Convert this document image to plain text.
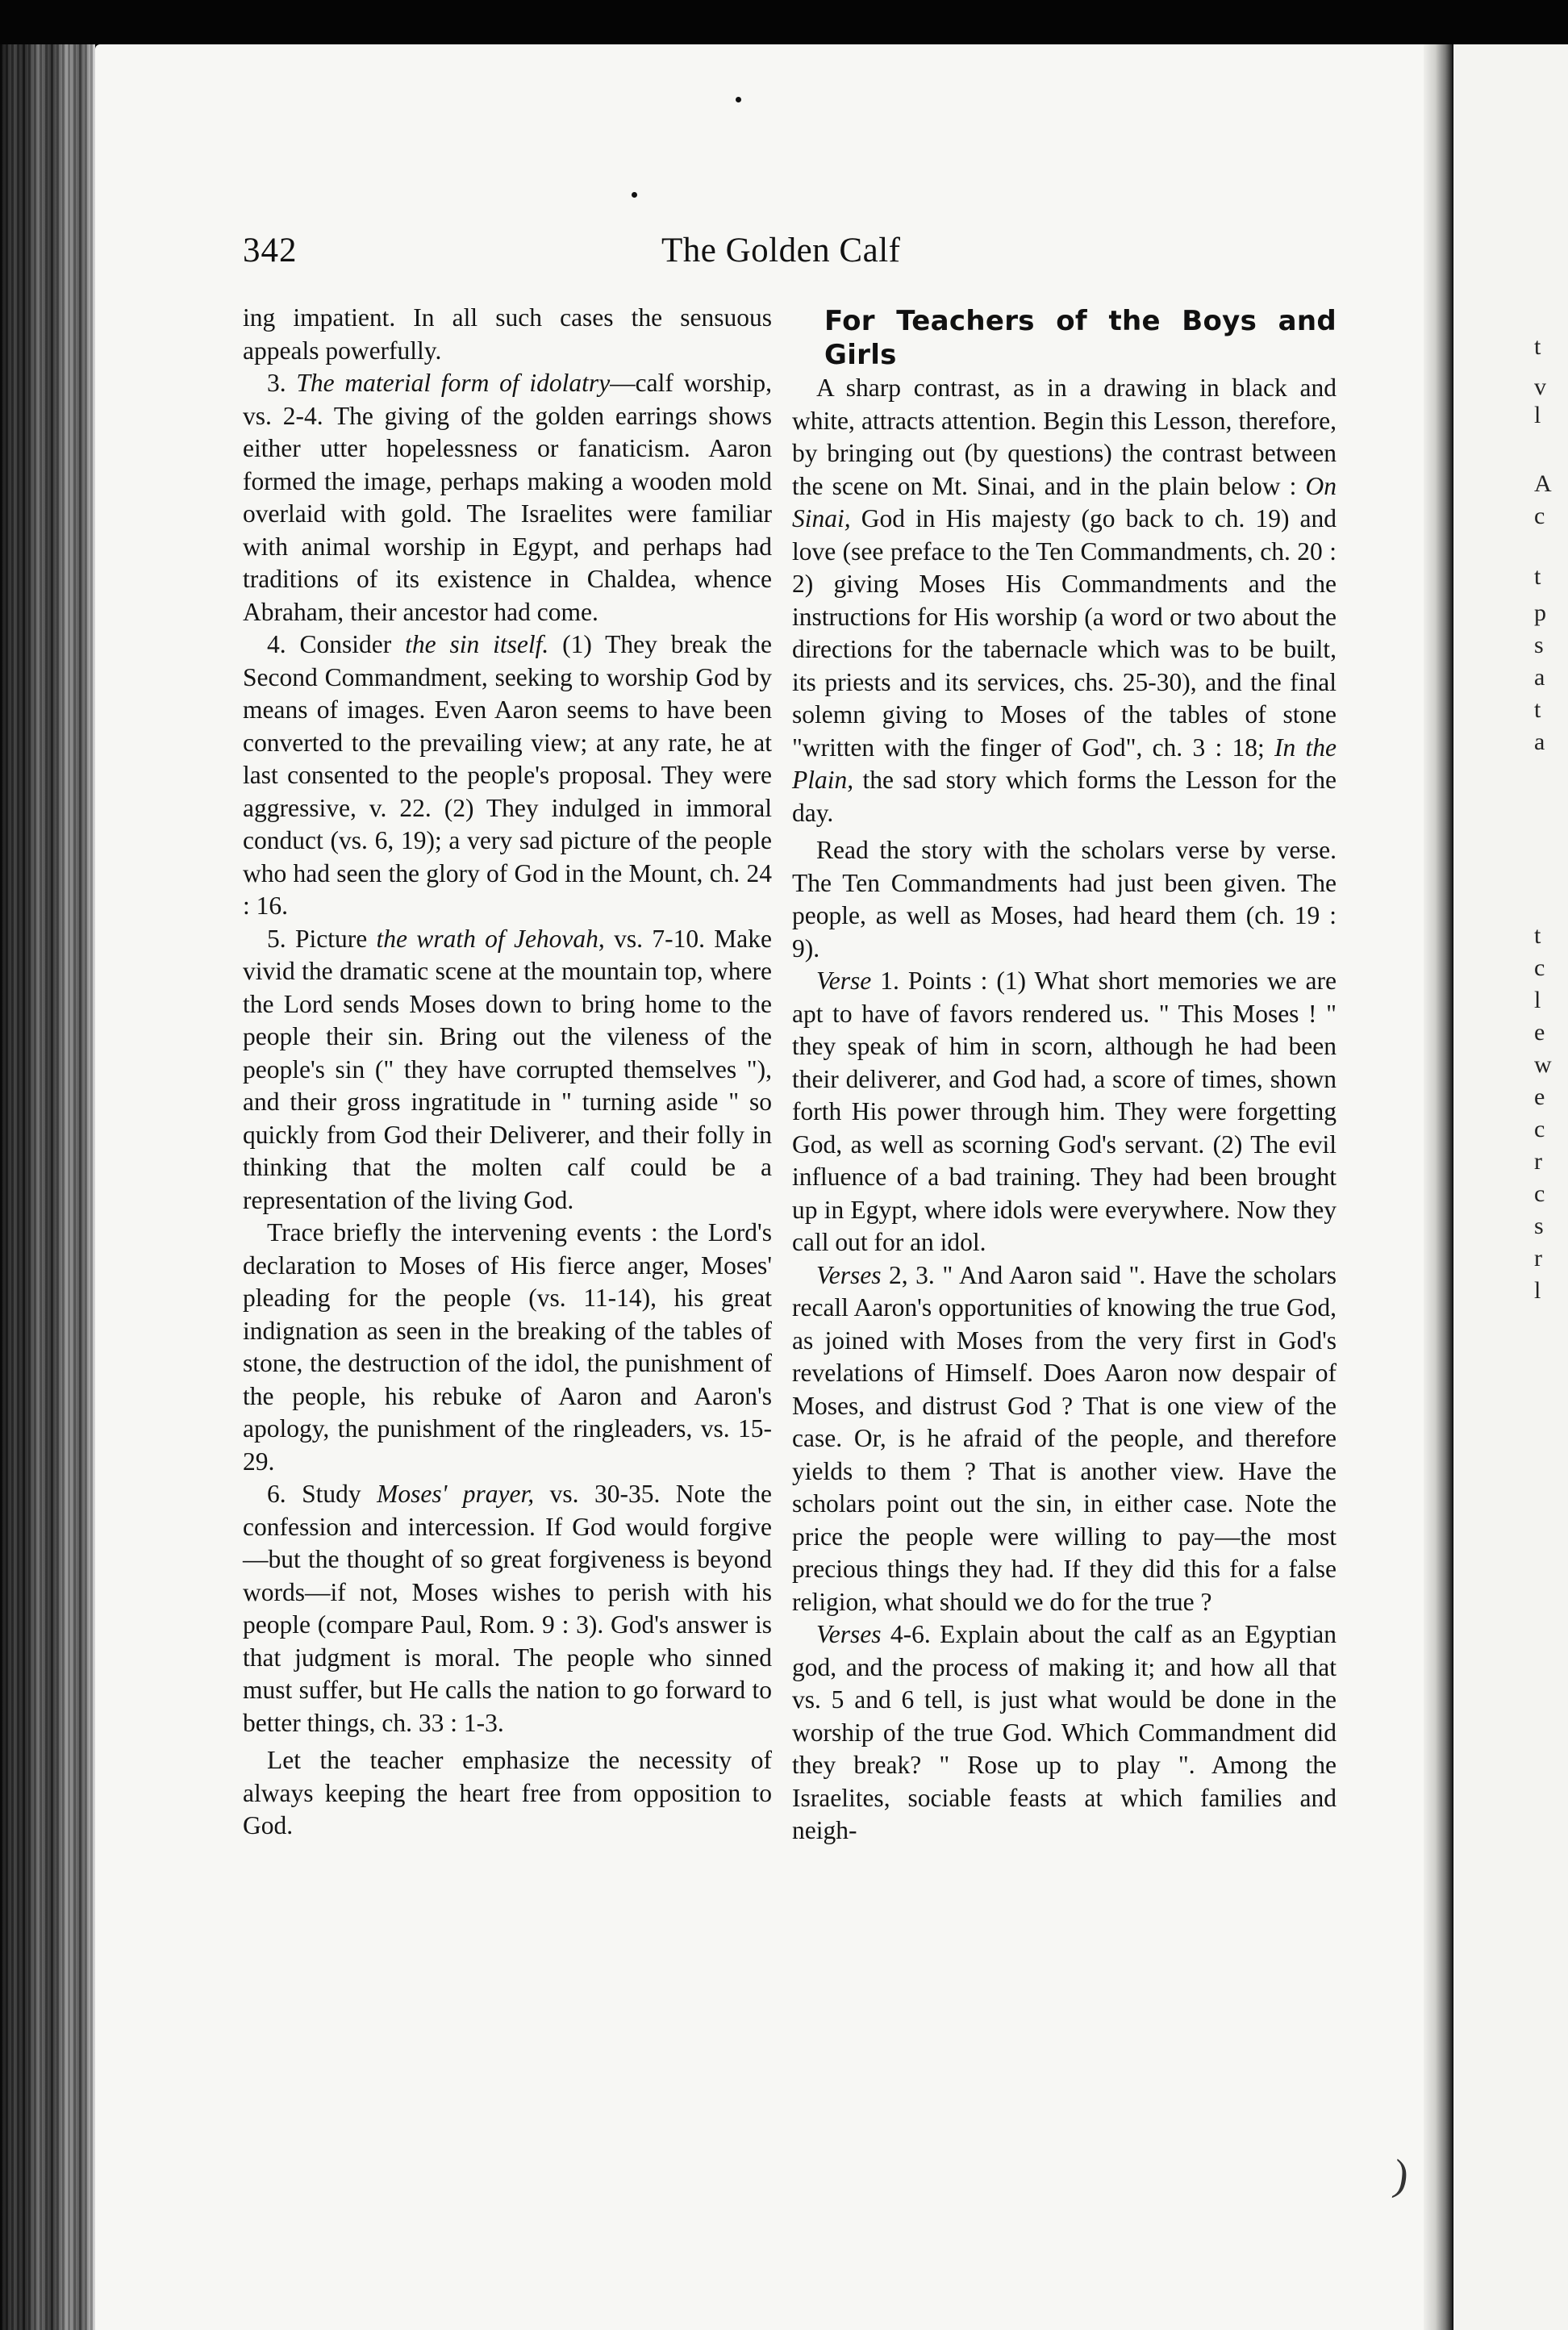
t
v
l
A
c
t
p
s
a
t
a
t
c
l
e
w
e
c
r
c
s
r
l
342	The Golden Calf

ing impatient. In all such cases the sensuous appeals powerfully.

3. The material form of idolatry—calf worship, vs. 2-4. The giving of the golden earrings shows either utter hopelessness or fanaticism. Aaron formed the image, perhaps making a wooden mold overlaid with gold. The Israelites were familiar with animal worship in Egypt, and perhaps had traditions of its existence in Chaldea, whence Abraham, their ancestor had come.

4. Consider the sin itself. (1) They break the Second Commandment, seeking to worship God by means of images. Even Aaron seems to have been converted to the prevailing view; at any rate, he at last consented to the people's proposal. They were aggressive, v. 22. (2) They indulged in immoral conduct (vs. 6, 19); a very sad picture of the people who had seen the glory of God in the Mount, ch. 24 : 16.

5. Picture the wrath of Jehovah, vs. 7-10. Make vivid the dramatic scene at the mountain top, where the Lord sends Moses down to bring home to the people their sin. Bring out the vileness of the people's sin (" they have corrupted themselves "), and their gross ingratitude in " turning aside " so quickly from God their Deliverer, and their folly in thinking that the molten calf could be a representation of the living God.

Trace briefly the intervening events : the Lord's declaration to Moses of His fierce anger, Moses' pleading for the people (vs. 11-14), his great indignation as seen in the breaking of the tables of stone, the destruction of the idol, the punishment of the people, his rebuke of Aaron and Aaron's apology, the punishment of the ringleaders, vs. 15-29.

6. Study Moses' prayer, vs. 30-35. Note the confession and intercession. If God would forgive—but the thought of so great forgiveness is beyond words—if not, Moses wishes to perish with his people (compare Paul, Rom. 9 : 3). God's answer is that judgment is moral. The people who sinned must suffer, but He calls the nation to go forward to better things, ch. 33 : 1-3.

Let the teacher emphasize the necessity of always keeping the heart free from opposition to God.

For Teachers of the Boys and Girls

A sharp contrast, as in a drawing in black and white, attracts attention. Begin this Lesson, therefore, by bringing out (by questions) the contrast between the scene on Mt. Sinai, and in the plain below : On Sinai, God in His majesty (go back to ch. 19) and love (see preface to the Ten Commandments, ch. 20 : 2) giving Moses His Commandments and the instructions for His worship (a word or two about the directions for the tabernacle which was to be built, its priests and its services, chs. 25-30), and the final solemn giving to Moses of the tables of stone "written with the finger of God", ch. 3 : 18; In the Plain, the sad story which forms the Lesson for the day.

Read the story with the scholars verse by verse. The Ten Commandments had just been given. The people, as well as Moses, had heard them (ch. 19 : 9).

Verse 1. Points : (1) What short memories we are apt to have of favors rendered us. " This Moses ! " they speak of him in scorn, although he had been their deliverer, and God had, a score of times, shown forth His power through him. They were forgetting God, as well as scorning God's servant. (2) The evil influence of a bad training. They had been brought up in Egypt, where idols were everywhere. Now they call out for an idol.

Verses 2, 3. " And Aaron said ". Have the scholars recall Aaron's opportunities of knowing the true God, as joined with Moses from the very first in God's revelations of Himself. Does Aaron now despair of Moses, and distrust God ? That is one view of the case. Or, is he afraid of the people, and therefore yields to them ? That is another view. Have the scholars point out the sin, in either case. Note the price the people were willing to pay—the most precious things they had. If they did this for a false religion, what should we do for the true ?

Verses 4-6. Explain about the calf as an Egyptian god, and the process of making it; and how all that vs. 5 and 6 tell, is just what would be done in the worship of the true God. Which Commandment did they break? " Rose up to play ". Among the Israelites, sociable feasts at which families and neigh-

)
